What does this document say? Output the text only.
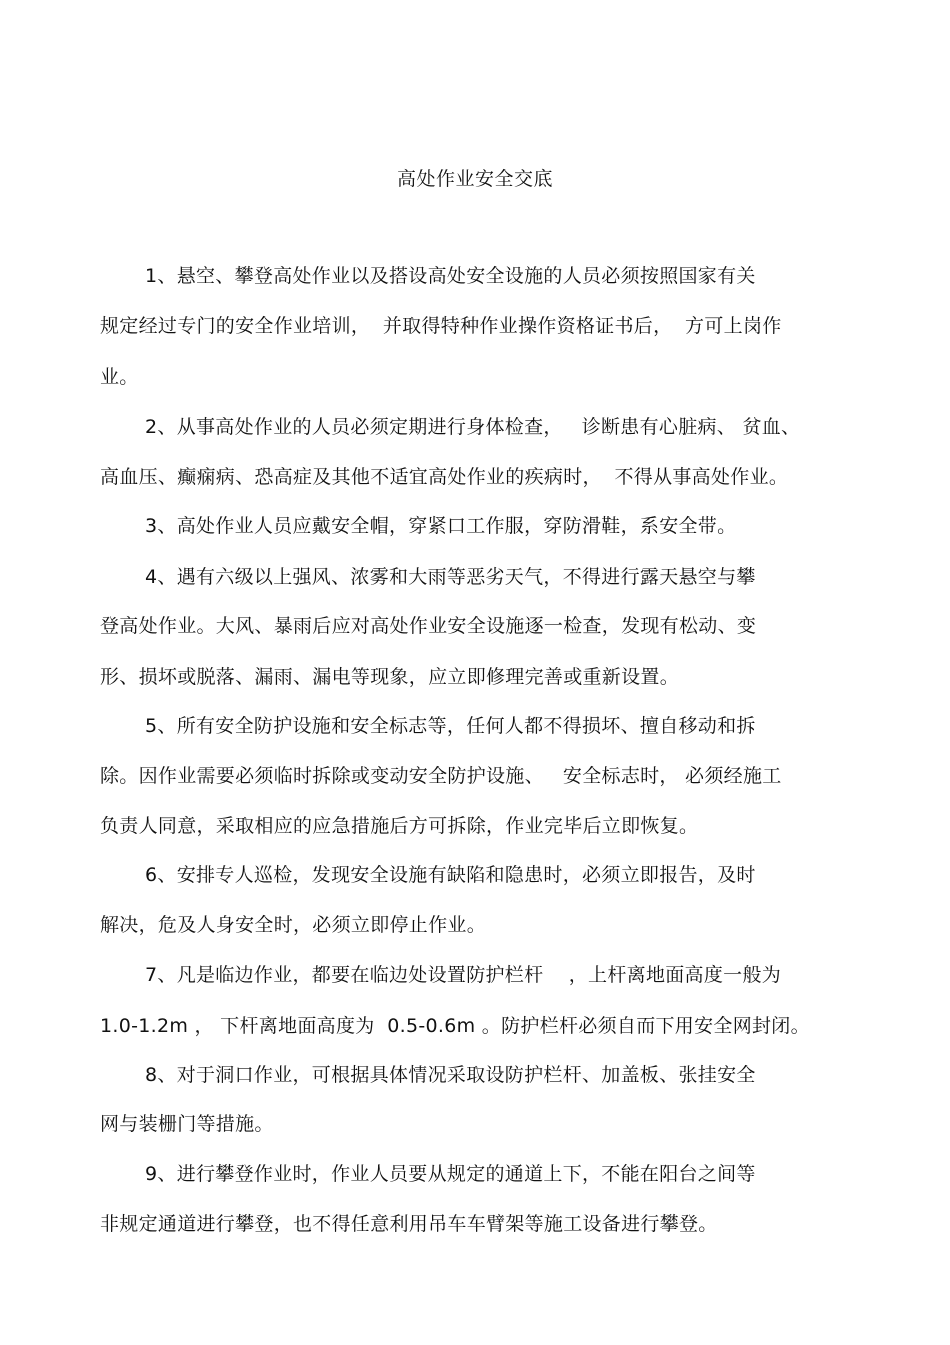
高处作业安全交底
1、悬空、攀登高处作业以及搭设高处安全设施的人员必须按照国家有关
规定经过专门的安全作业培训，  并取得特种作业操作资格证书后，  方可上岗作
业。
2、从事高处作业的人员必须定期进行身体检查，   诊断患有心脏病、 贫血、
高血压、癫痫病、恐高症及其他不适宜高处作业的疾病时，  不得从事高处作业。
3、高处作业人员应戴安全帽，穿紧口工作服，穿防滑鞋，系安全带。
4、遇有六级以上强风、浓雾和大雨等恶劣天气，不得进行露天悬空与攀
登高处作业。大风、暴雨后应对高处作业安全设施逐一检查，发现有松动、变
形、损坏或脱落、漏雨、漏电等现象，应立即修理完善或重新设置。
5、所有安全防护设施和安全标志等，任何人都不得损坏、擅自移动和拆
除。因作业需要必须临时拆除或变动安全防护设施、   安全标志时， 必须经施工
负责人同意，采取相应的应急措施后方可拆除，作业完毕后立即恢复。
6、安排专人巡检，发现安全设施有缺陷和隐患时，必须立即报告，及时
解决，危及人身安全时，必须立即停止作业。
7、凡是临边作业，都要在临边处设置防护栏杆    ，上杆离地面高度一般为
1.0-1.2m ， 下杆离地面高度为  0.5-0.6m 。防护栏杆必须自而下用安全网封闭。
8、对于洞口作业，可根据具体情况采取设防护栏杆、加盖板、张挂安全
网与装栅门等措施。
9、进行攀登作业时，作业人员要从规定的通道上下，不能在阳台之间等
非规定通道进行攀登，也不得任意利用吊车车臂架等施工设备进行攀登。
